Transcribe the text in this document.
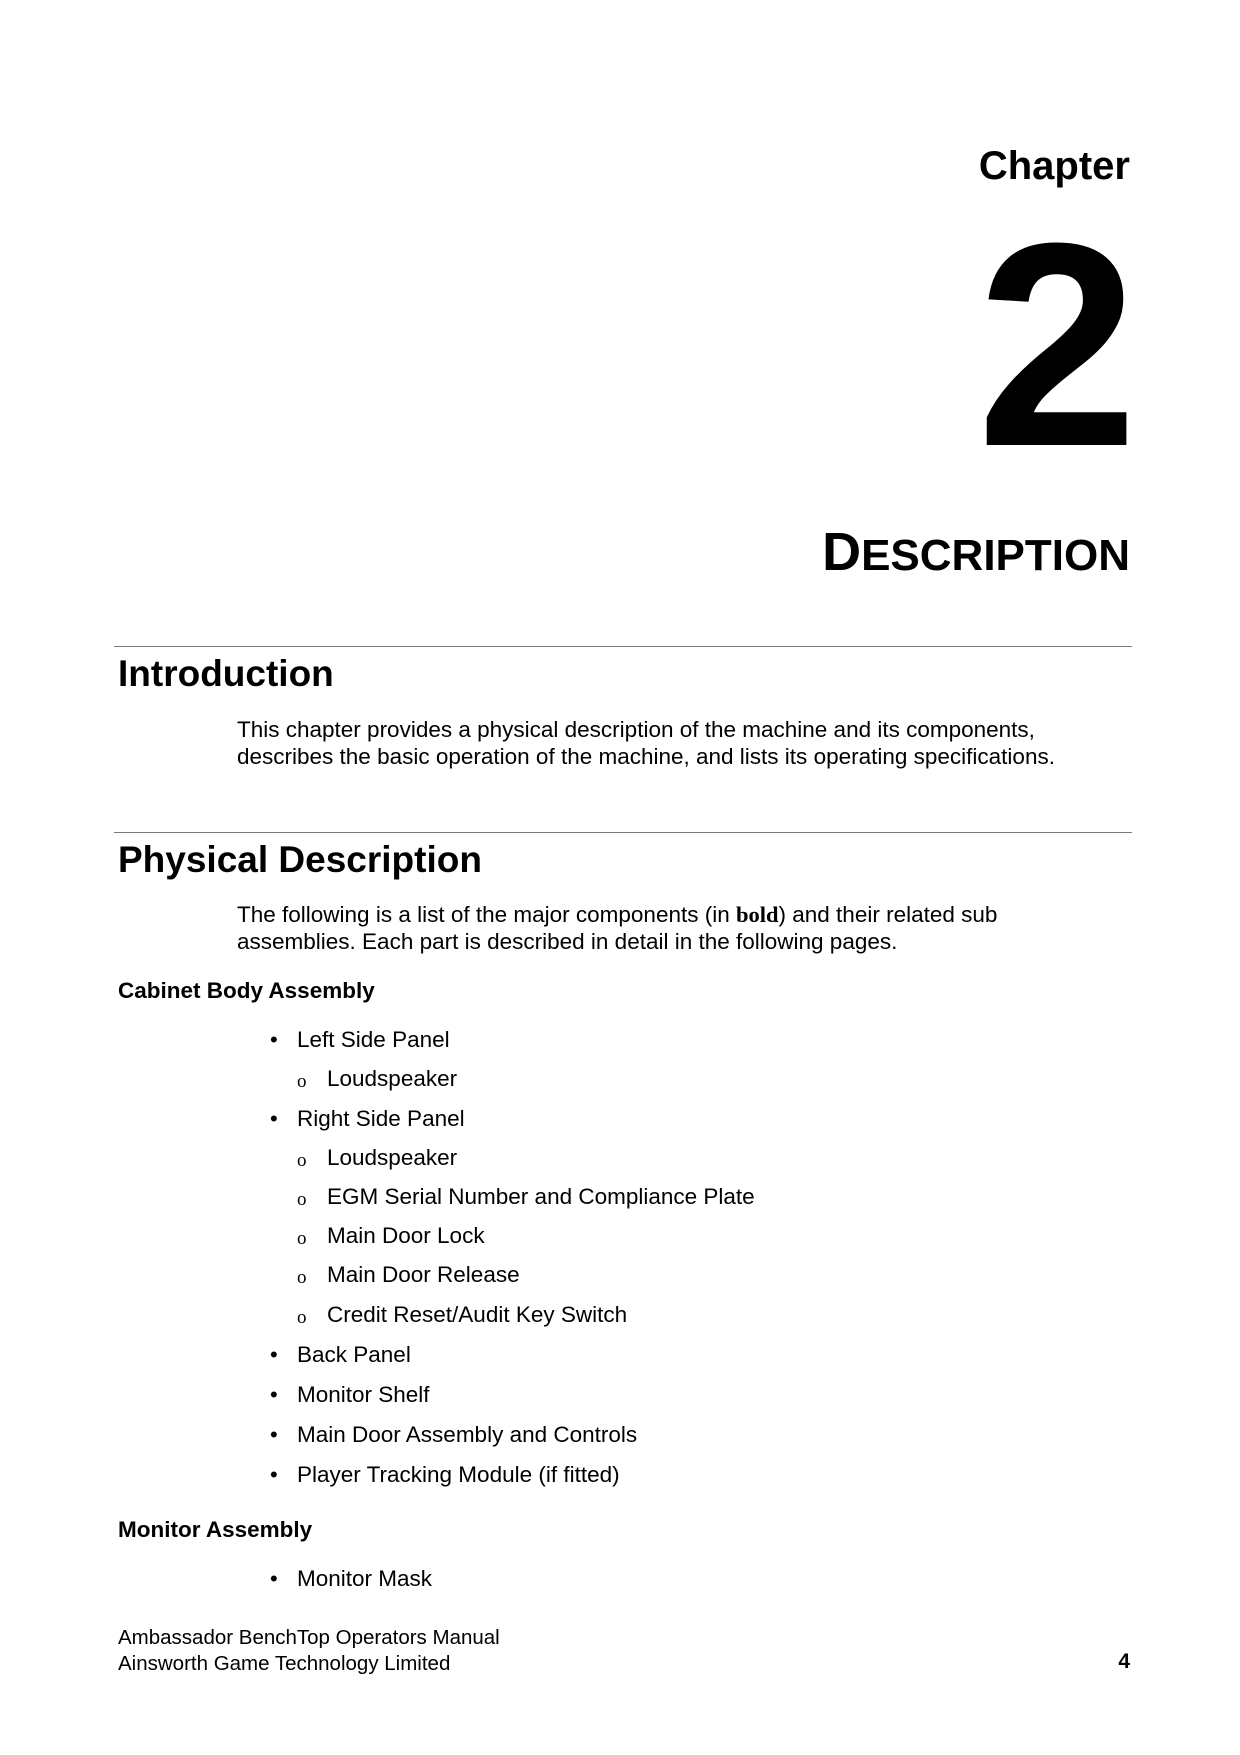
Chapter
2
DESCRIPTION
Introduction
This chapter provides a physical description of the machine and its components,
describes the basic operation of the machine, and lists its operating specifications.
Physical Description
The following is a list of the major components (in bold) and their related sub
assemblies. Each part is described in detail in the following pages.
Cabinet Body Assembly
• Left Side Panel
o Loudspeaker
• Right Side Panel
o Loudspeaker
o EGM Serial Number and Compliance Plate
o Main Door Lock
o Main Door Release
o Credit Reset/Audit Key Switch
• Back Panel
• Monitor Shelf
• Main Door Assembly and Controls
• Player Tracking Module (if fitted)
Monitor Assembly
• Monitor Mask
Ambassador BenchTop Operators Manual
Ainsworth Game Technology Limited	4
